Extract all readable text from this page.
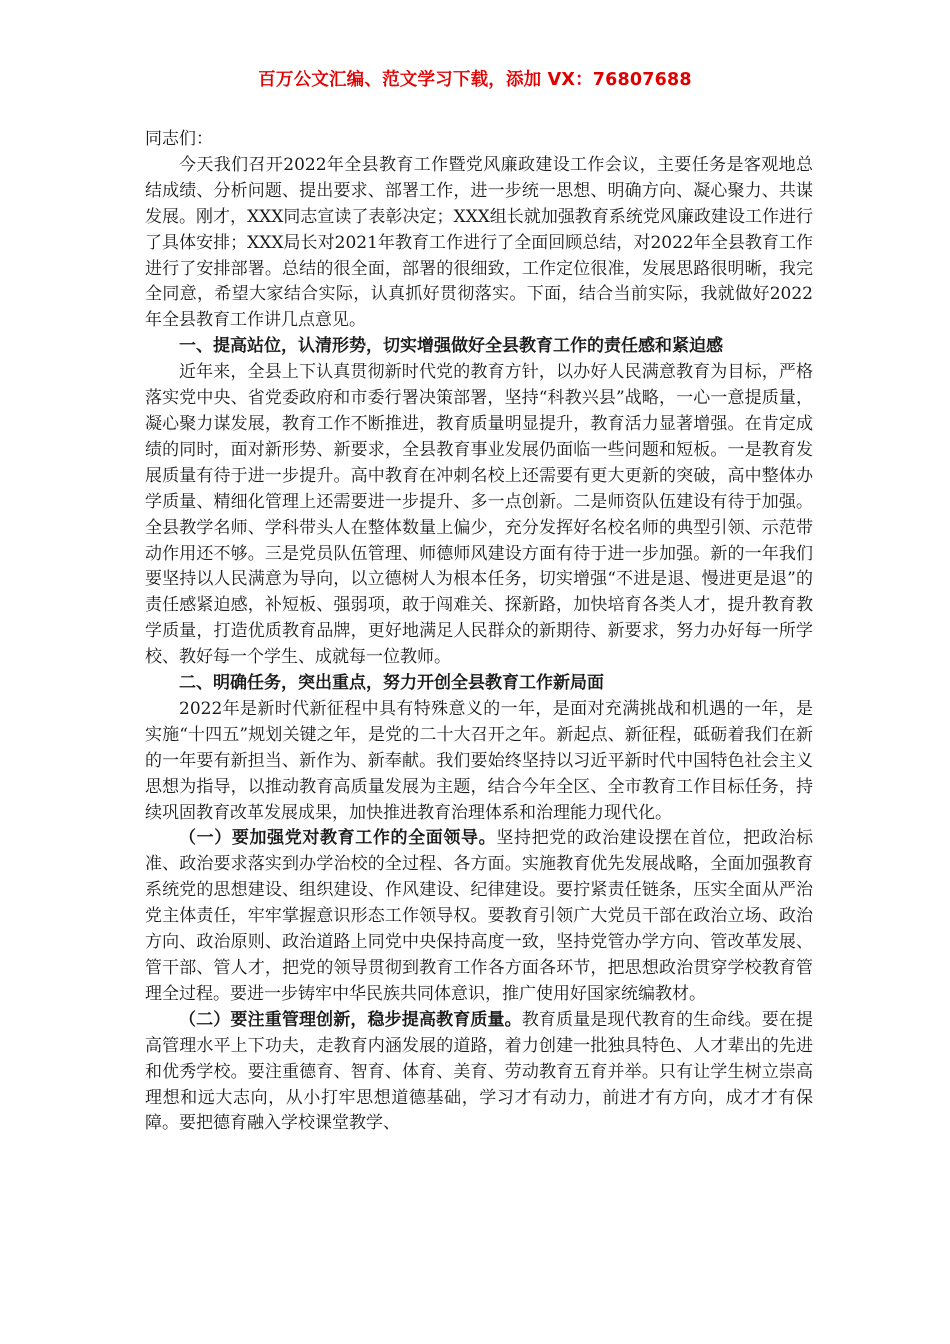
百万公文汇编、范文学习下载，添加 VX：76807688

同志们：

今天我们召开2022年全县教育工作暨党风廉政建设工作会议，主要任务是客观地总结成绩、分析问题、提出要求、部署工作，进一步统一思想、明确方向、凝心聚力、共谋发展。刚才，XXX同志宣读了表彰决定；XXX组长就加强教育系统党风廉政建设工作进行了具体安排；XXX局长对2021年教育工作进行了全面回顾总结，对2022年全县教育工作进行了安排部署。总结的很全面，部署的很细致，工作定位很准，发展思路很明晰，我完全同意，希望大家结合实际，认真抓好贯彻落实。下面，结合当前实际，我就做好2022年全县教育工作讲几点意见。

一、提高站位，认清形势，切实增强做好全县教育工作的责任感和紧迫感

近年来，全县上下认真贯彻新时代党的教育方针，以办好人民满意教育为目标，严格落实党中央、省党委政府和市委行署决策部署，坚持“科教兴县”战略，一心一意提质量，凝心聚力谋发展，教育工作不断推进，教育质量明显提升，教育活力显著增强。在肯定成绩的同时，面对新形势、新要求，全县教育事业发展仍面临一些问题和短板。一是教育发展质量有待于进一步提升。高中教育在冲刺名校上还需要有更大更新的突破，高中整体办学质量、精细化管理上还需要进一步提升、多一点创新。二是师资队伍建设有待于加强。全县教学名师、学科带头人在整体数量上偏少，充分发挥好名校名师的典型引领、示范带动作用还不够。三是党员队伍管理、师德师风建设方面有待于进一步加强。新的一年我们要坚持以人民满意为导向，以立德树人为根本任务，切实增强“不进是退、慢进更是退”的责任感紧迫感，补短板、强弱项，敢于闯难关、探新路，加快培育各类人才，提升教育教学质量，打造优质教育品牌，更好地满足人民群众的新期待、新要求，努力办好每一所学校、教好每一个学生、成就每一位教师。

二、明确任务，突出重点，努力开创全县教育工作新局面

2022年是新时代新征程中具有特殊意义的一年，是面对充满挑战和机遇的一年，是实施“十四五”规划关键之年，是党的二十大召开之年。新起点、新征程，砥砺着我们在新的一年要有新担当、新作为、新奉献。我们要始终坚持以习近平新时代中国特色社会主义思想为指导，以推动教育高质量发展为主题，结合今年全区、全市教育工作目标任务，持续巩固教育改革发展成果，加快推进教育治理体系和治理能力现代化。

（一）要加强党对教育工作的全面领导。坚持把党的政治建设摆在首位，把政治标准、政治要求落实到办学治校的全过程、各方面。实施教育优先发展战略，全面加强教育系统党的思想建设、组织建设、作风建设、纪律建设。要拧紧责任链条，压实全面从严治党主体责任，牢牢掌握意识形态工作领导权。要教育引领广大党员干部在政治立场、政治方向、政治原则、政治道路上同党中央保持高度一致，坚持党管办学方向、管改革发展、管干部、管人才，把党的领导贯彻到教育工作各方面各环节，把思想政治贯穿学校教育管理全过程。要进一步铸牢中华民族共同体意识，推广使用好国家统编教材。

（二）要注重管理创新，稳步提高教育质量。教育质量是现代教育的生命线。要在提高管理水平上下功夫，走教育内涵发展的道路，着力创建一批独具特色、人才辈出的先进和优秀学校。要注重德育、智育、体育、美育、劳动教育五育并举。只有让学生树立崇高理想和远大志向，从小打牢思想道德基础，学习才有动力，前进才有方向，成才才有保障。要把德育融入学校课堂教学、
